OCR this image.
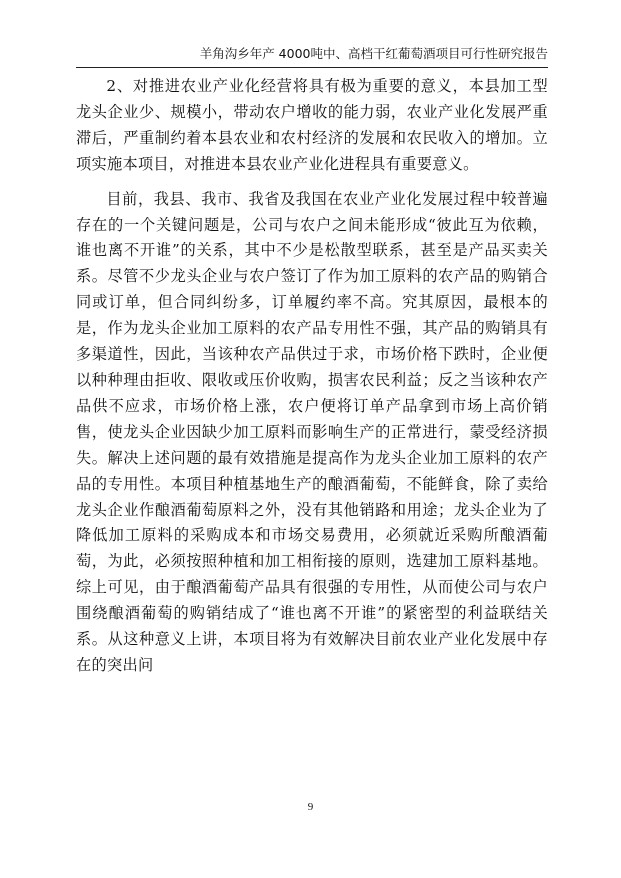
羊角沟乡年产 4000吨中、高档干红葡萄酒项目可行性研究报告

2、对推进农业产业化经营将具有极为重要的意义，本县加工型龙头企业少、规模小，带动农户增收的能力弱，农业产业化发展严重滞后，严重制约着本县农业和农村经济的发展和农民收入的增加。立项实施本项目，对推进本县农业产业化进程具有重要意义。

目前，我县、我市、我省及我国在农业产业化发展过程中较普遍存在的一个关键问题是，公司与农户之间未能形成“彼此互为依赖，谁也离不开谁”的关系，其中不少是松散型联系，甚至是产品买卖关系。尽管不少龙头企业与农户签订了作为加工原料的农产品的购销合同或订单，但合同纠纷多，订单履约率不高。究其原因，最根本的是，作为龙头企业加工原料的农产品专用性不强，其产品的购销具有多渠道性，因此，当该种农产品供过于求，市场价格下跌时，企业便以种种理由拒收、限收或压价收购，损害农民利益；反之当该种农产品供不应求，市场价格上涨，农户便将订单产品拿到市场上高价销售，使龙头企业因缺少加工原料而影响生产的正常进行，蒙受经济损失。解决上述问题的最有效措施是提高作为龙头企业加工原料的农产品的专用性。本项目种植基地生产的酿酒葡萄，不能鲜食，除了卖给龙头企业作酿酒葡萄原料之外，没有其他销路和用途；龙头企业为了降低加工原料的采购成本和市场交易费用，必须就近采购所酿酒葡萄，为此，必须按照种植和加工相衔接的原则，选建加工原料基地。综上可见，由于酿酒葡萄产品具有很强的专用性，从而使公司与农户围绕酿酒葡萄的购销结成了“谁也离不开谁”的紧密型的利益联结关系。从这种意义上讲，本项目将为有效解决目前农业产业化发展中存在的突出问

9
